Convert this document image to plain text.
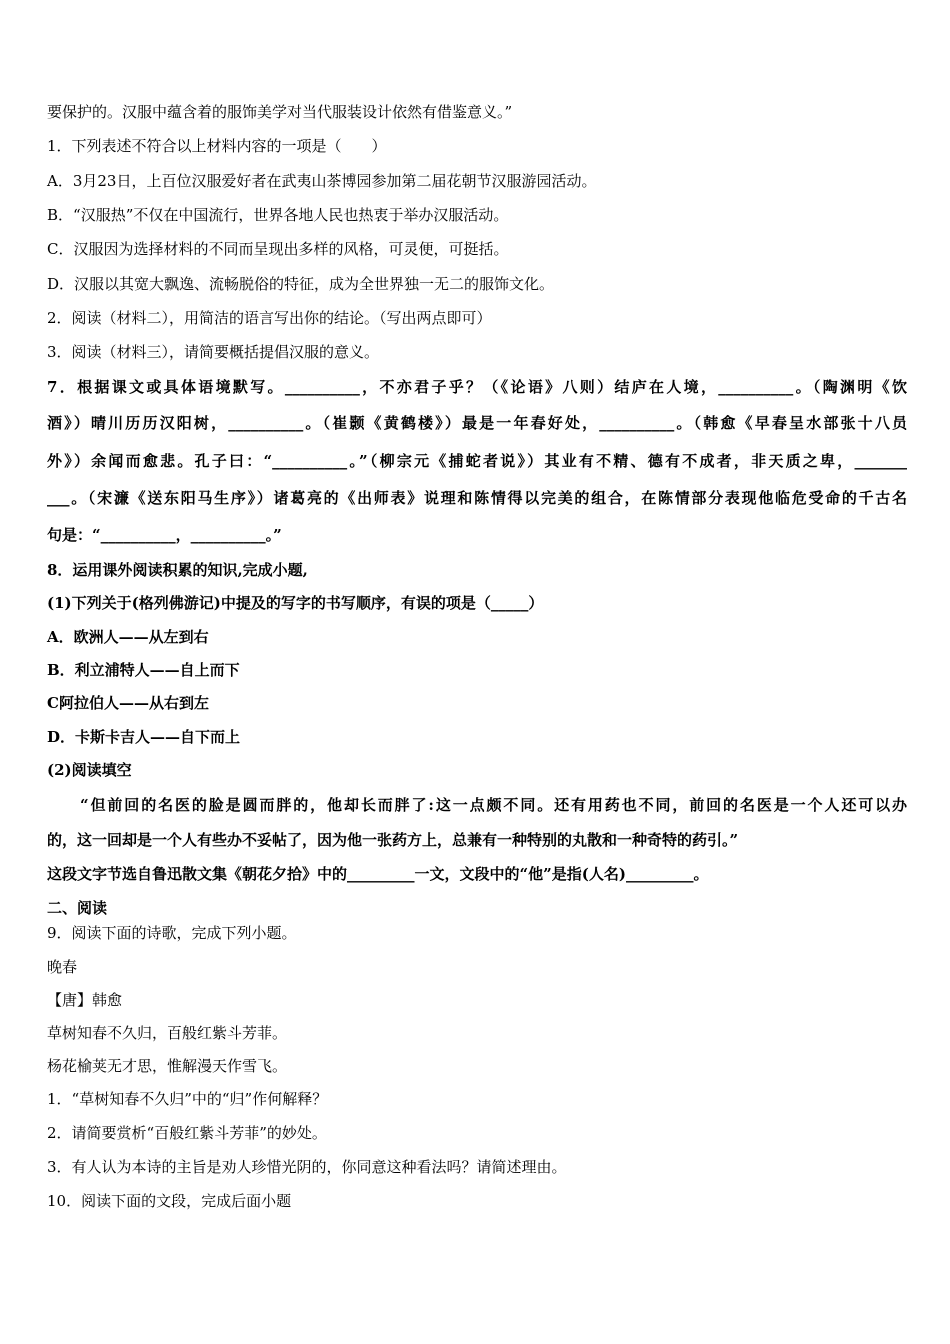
要保护的。汉服中蕴含着的服饰美学对当代服装设计依然有借鉴意义。”
1．下列表述不符合以上材料内容的一项是（　　）
A．3月23日，上百位汉服爱好者在武夷山茶博园参加第二届花朝节汉服游园活动。
B．“汉服热”不仅在中国流行，世界各地人民也热衷于举办汉服活动。
C．汉服因为选择材料的不同而呈现出多样的风格，可灵便，可挺括。
D．汉服以其宽大飘逸、流畅脱俗的特征，成为全世界独一无二的服饰文化。
2．阅读（材料二），用简洁的语言写出你的结论。（写出两点即可）
3．阅读（材料三），请简要概括提倡汉服的意义。
7．根据课文或具体语境默写。__________，不亦君子乎？（《论语》八则）结庐在人境，__________。（陶渊明《饮
酒》）晴川历历汉阳树，__________。（崔颢《黄鹤楼》）最是一年春好处，__________。（韩愈《早春呈水部张十八员
外》）余闻而愈悲。孔子曰：“__________。”（柳宗元《捕蛇者说》）其业有不精、德有不成者，非天质之卑，_______
___。（宋濂《送东阳马生序》）诸葛亮的《出师表》说理和陈情得以完美的组合，在陈情部分表现他临危受命的千古名
句是：“__________，__________。”
8．运用课外阅读积累的知识,完成小题,
(1)下列关于(格列佛游记)中提及的写字的书写顺序，有误的项是（_____）
A．欧洲人——从左到右
B．利立浦特人——自上而下
C阿拉伯人——从右到左
D．卡斯卡吉人——自下而上
(2)阅读填空
“但前回的名医的脸是圆而胖的，他却长而胖了:这一点颇不同。还有用药也不同，前回的名医是一个人还可以办
的，这一回却是一个人有些办不妥帖了，因为他一张药方上，总兼有一种特别的丸散和一种奇特的药引。”
这段文字节选自鲁迅散文集《朝花夕拾》中的_________一文，文段中的“他”是指(人名)_________。
二、阅读
9．阅读下面的诗歌，完成下列小题。
晚春
【唐】韩愈
草树知春不久归，百般红紫斗芳菲。
杨花榆荚无才思，惟解漫天作雪飞。
1．“草树知春不久归”中的“归”作何解释？
2．请简要赏析“百般红紫斗芳菲”的妙处。
3．有人认为本诗的主旨是劝人珍惜光阴的，你同意这种看法吗？请简述理由。
10．阅读下面的文段，完成后面小题
